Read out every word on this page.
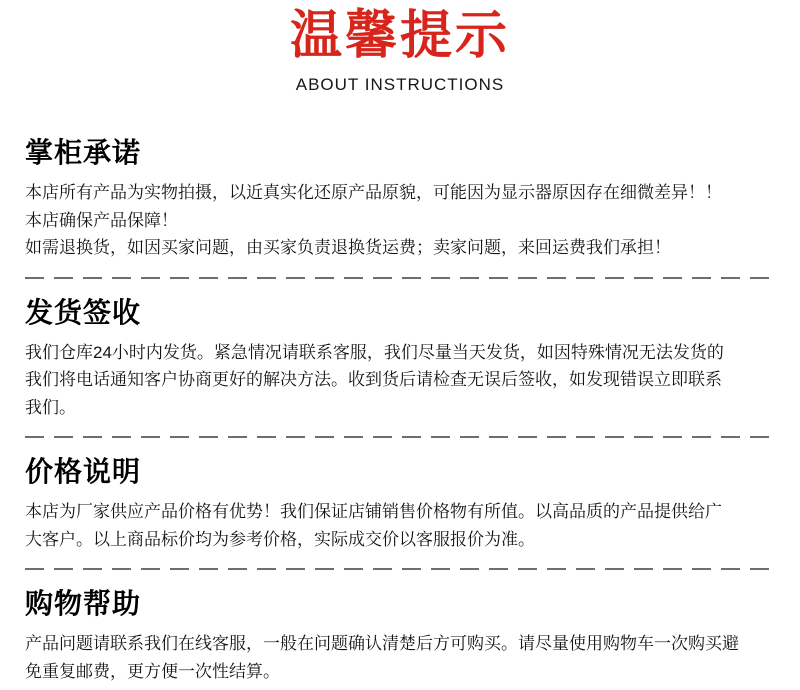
温馨提示
ABOUT INSTRUCTIONS
掌柜承诺

本店所有产品为实物拍摄，以近真实化还原产品原貌，可能因为显示器原因存在细微差异！！

本店确保产品保障！

如需退换货，如因买家问题，由买家负责退换货运费；卖家问题，来回运费我们承担！

发货签收

我们仓库24小时内发货。紧急情况请联系客服，我们尽量当天发货，如因特殊情况无法发货的

我们将电话通知客户协商更好的解决方法。收到货后请检查无误后签收，如发现错误立即联系

我们。

价格说明

本店为厂家供应产品价格有优势！我们保证店铺销售价格物有所值。以高品质的产品提供给广

大客户。以上商品标价均为参考价格，实际成交价以客服报价为准。

购物帮助

产品问题请联系我们在线客服，一般在问题确认清楚后方可购买。请尽量使用购物车一次购买避

免重复邮费，更方便一次性结算。
